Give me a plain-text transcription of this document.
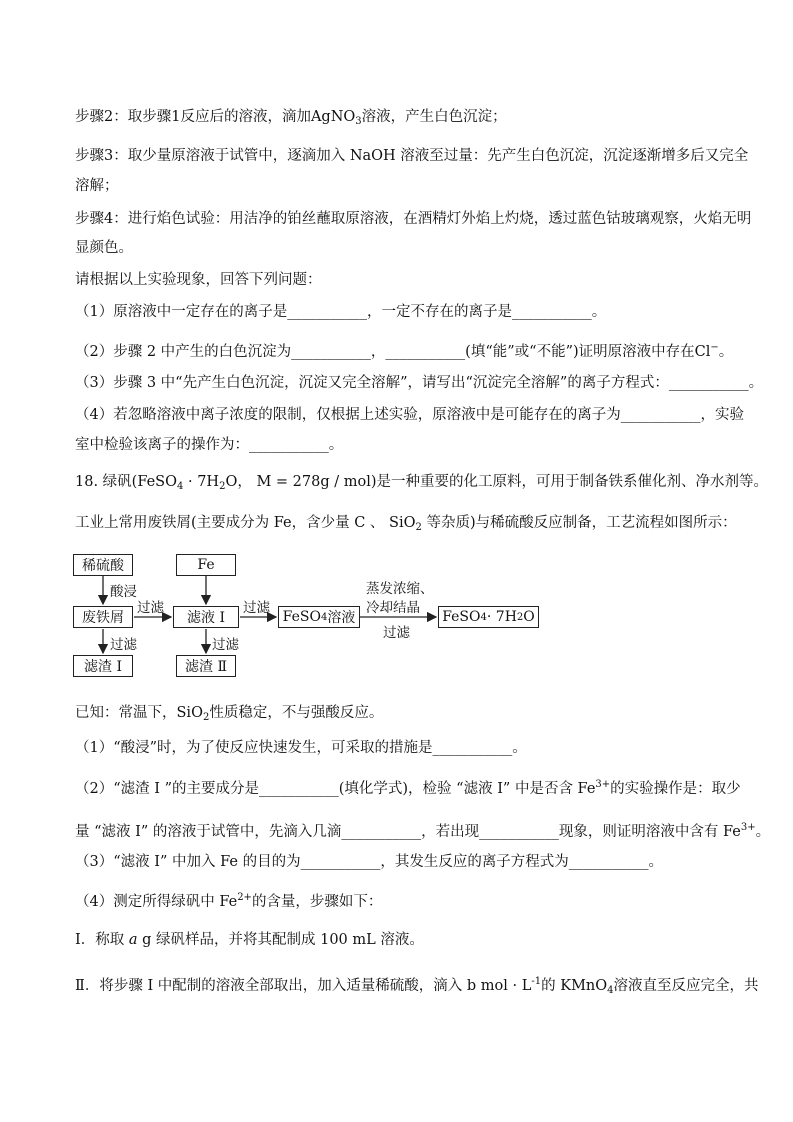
步骤2：取步骤1反应后的溶液，滴加AgNO$_3$溶液，产生白色沉淀；
步骤3：取少量原溶液于试管中，逐滴加入 NaOH 溶液至过量：先产生白色沉淀，沉淀逐渐增多后又完全
溶解；
步骤4：进行焰色试验：用洁净的铂丝蘸取原溶液，在酒精灯外焰上灼烧，透过蓝色钴玻璃观察，火焰无明
显颜色。
请根据以上实验现象，回答下列问题：
（1）原溶液中一定存在的离子是___________，一定不存在的离子是___________。
（2）步骤 2 中产生的白色沉淀为___________，___________(填“能”或“不能”)证明原溶液中存在Cl−。
（3）步骤 3 中“先产生白色沉淀，沉淀又完全溶解”，请写出“沉淀完全溶解”的离子方程式：___________。
（4）若忽略溶液中离子浓度的限制，仅根据上述实验，原溶液中是可能存在的离子为___________，实验
室中检验该离子的操作为：___________。
18. 绿矾(FeSO$_4$ · $7H_2O$， M = 278g / mol)是一种重要的化工原料，可用于制备铁系催化剂、净水剂等。
工业上常用废铁屑(主要成分为 Fe，含少量 C 、 SiO$_2$ 等杂质)与稀硫酸反应制备，工艺流程如图所示：
稀硫酸	Fe
废铁屑	滤液 I	FeSO 4 溶液	FeSO 4 · 7H 2 O
滤渣 I	滤渣 Ⅱ
酸浸
过滤	过滤
蒸发浓缩、
冷却结晶
过滤
过滤	过滤
已知：常温下，SiO$_2$性质稳定，不与强酸反应。
（1）“酸浸”时，为了使反应快速发生，可采取的措施是___________。
（2）“滤渣 I ”的主要成分是___________(填化学式)，检验 “滤液 I” 中是否含 $Fe^{3+}$的实验操作是：取少
量 “滤液 I” 的溶液于试管中，先滴入几滴___________，若出现___________现象，则证明溶液中含有 $Fe^{3+}$。
（3）“滤液 I” 中加入 Fe 的目的为___________，其发生反应的离子方程式为___________。
（4）测定所得绿矾中 $Fe^{2+}$的含量，步骤如下：
Ⅰ．称取 a g 绿矾样品，并将其配制成 100 mL 溶液。
Ⅱ．将步骤 I 中配制的溶液全部取出，加入适量稀硫酸，滴入 b mol · $L^{-1}$的 KMnO$_4$溶液直至反应完全，共
